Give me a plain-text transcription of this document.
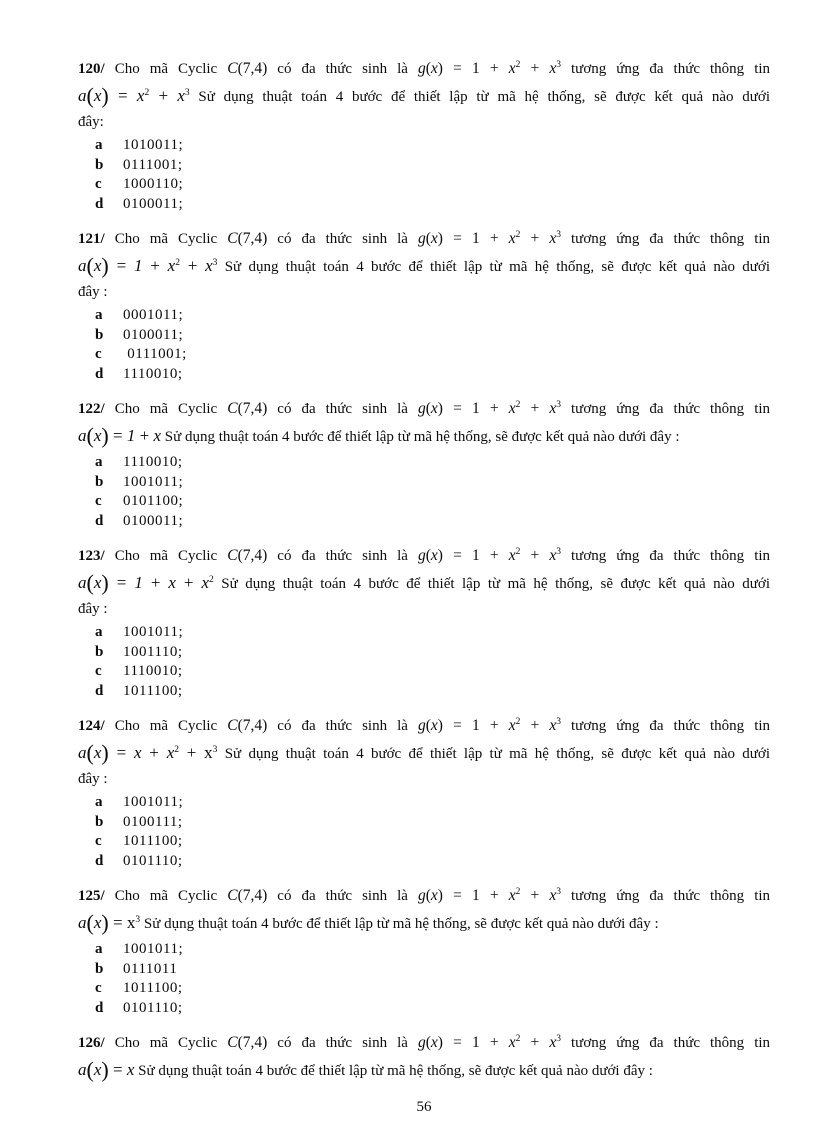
120/ Cho mã Cyclic C(7,4) có đa thức sinh là $g(x) = 1 + x^2 + x^3$ tương ứng đa thức thông tin
$a(x) = x^2 + x^3$ Sử dụng thuật toán 4 bước để thiết lập từ mã hệ thống, sẽ được kết quả nào dưới
đây:
a 1010011;
b 0111001;
c 1000110;
d 0100011;
121/ Cho mã Cyclic C(7,4) có đa thức sinh là $g(x) = 1 + x^2 + x^3$ tương ứng đa thức thông tin
$a(x) = 1 + x^2 + x^3$ Sử dụng thuật toán 4 bước để thiết lập từ mã hệ thống, sẽ được kết quả nào dưới
đây :
a 0001011;
b 0100011;
c 0111001;
d 1110010;
122/ Cho mã Cyclic C(7,4) có đa thức sinh là $g(x) = 1 + x^2 + x^3$ tương ứng đa thức thông tin
a(x) = 1 + x Sử dụng thuật toán 4 bước để thiết lập từ mã hệ thống, sẽ được kết quả nào dưới đây :
a 1110010;
b 1001011;
c 0101100;
d 0100011;
123/ Cho mã Cyclic C(7,4) có đa thức sinh là $g(x) = 1 + x^2 + x^3$ tương ứng đa thức thông tin
$a(x) = 1 + x + x^2$ Sử dụng thuật toán 4 bước để thiết lập từ mã hệ thống, sẽ được kết quả nào dưới
đây :
a 1001011;
b 1001110;
c 1110010;
d 1011100;
124/ Cho mã Cyclic C(7,4) có đa thức sinh là $g(x) = 1 + x^2 + x^3$ tương ứng đa thức thông tin
$a(x) = x + x^2 + x^3$ Sử dụng thuật toán 4 bước để thiết lập từ mã hệ thống, sẽ được kết quả nào dưới
đây :
a 1001011;
b 0100111;
c 1011100;
d 0101110;
125/ Cho mã Cyclic C(7,4) có đa thức sinh là $g(x) = 1 + x^2 + x^3$ tương ứng đa thức thông tin
$a(x) = x^3$ Sử dụng thuật toán 4 bước để thiết lập từ mã hệ thống, sẽ được kết quả nào dưới đây :
a 1001011;
b 0111011
c 1011100;
d 0101110;
126/ Cho mã Cyclic C(7,4) có đa thức sinh là $g(x) = 1 + x^2 + x^3$ tương ứng đa thức thông tin
a(x) = x Sử dụng thuật toán 4 bước để thiết lập từ mã hệ thống, sẽ được kết quả nào dưới đây :
56
